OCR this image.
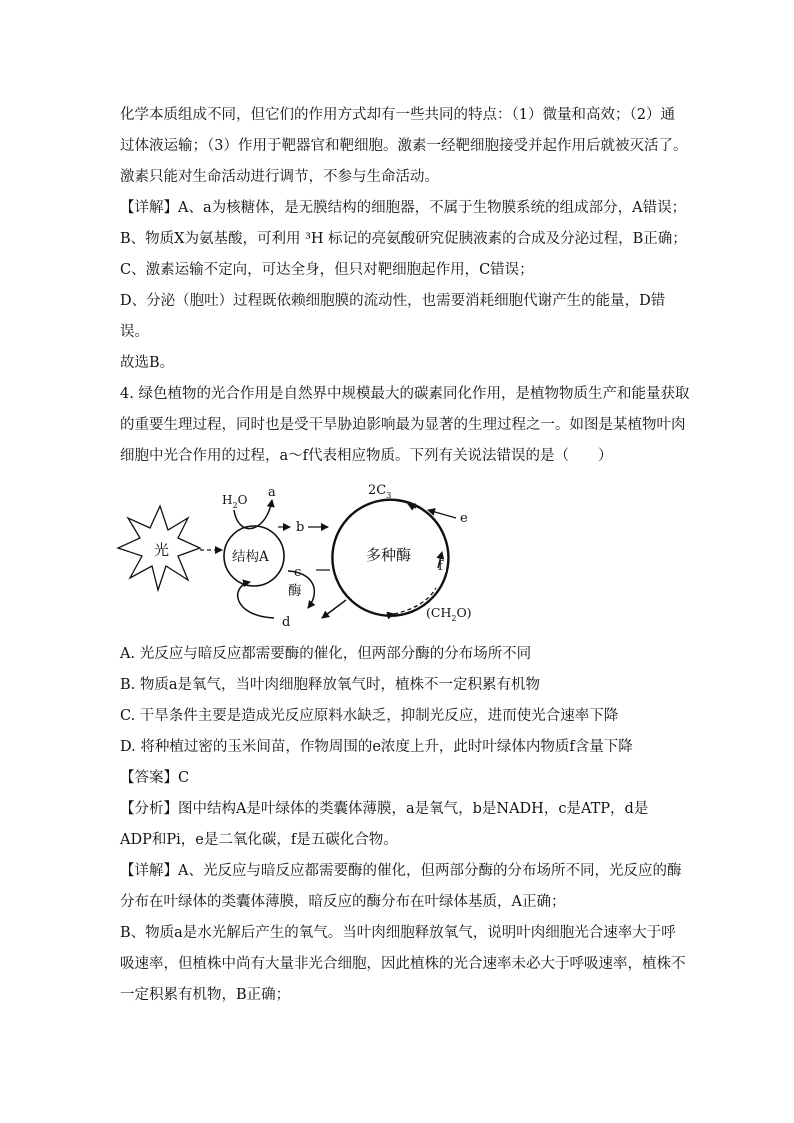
化学本质组成不同，但它们的作用方式却有一些共同的特点：（1）微量和高效；（2）通
过体液运输；（3）作用于靶器官和靶细胞。激素一经靶细胞接受并起作用后就被灭活了。
激素只能对生命活动进行调节，不参与生命活动。
【详解】A、a为核糖体，是无膜结构的细胞器，不属于生物膜系统的组成部分，A错误；
B、物质X为氨基酸，可利用 ³H 标记的亮氨酸研究促胰液素的合成及分泌过程，B正确；
C、激素运输不定向，可达全身，但只对靶细胞起作用，C错误；
D、分泌（胞吐）过程既依赖细胞膜的流动性，也需要消耗细胞代谢产生的能量，D错
误。
故选B。
4. 绿色植物的光合作用是自然界中规模最大的碳素同化作用，是植物物质生产和能量获取
的重要生理过程，同时也是受干旱胁迫影响最为显著的生理过程之一。如图是某植物叶肉
细胞中光合作用的过程，a～f代表相应物质。下列有关说法错误的是（　　）
光	结构A
$H_2O$ a
b
c
酶
d
f
$2C_3$
多种酶
e
$(CH_2O)$
A. 光反应与暗反应都需要酶的催化，但两部分酶的分布场所不同
B. 物质a是氧气，当叶肉细胞释放氧气时，植株不一定积累有机物
C. 干旱条件主要是造成光反应原料水缺乏，抑制光反应，进而使光合速率下降
D. 将种植过密的玉米间苗，作物周围的e浓度上升，此时叶绿体内物质f含量下降
【答案】C
【分析】图中结构A是叶绿体的类囊体薄膜，a是氧气，b是NADH，c是ATP，d是
ADP和Pi，e是二氧化碳，f是五碳化合物。
【详解】A、光反应与暗反应都需要酶的催化，但两部分酶的分布场所不同，光反应的酶
分布在叶绿体的类囊体薄膜，暗反应的酶分布在叶绿体基质，A正确；
B、物质a是水光解后产生的氧气。当叶肉细胞释放氧气，说明叶肉细胞光合速率大于呼
吸速率，但植株中尚有大量非光合细胞，因此植株的光合速率未必大于呼吸速率，植株不
一定积累有机物，B正确；
